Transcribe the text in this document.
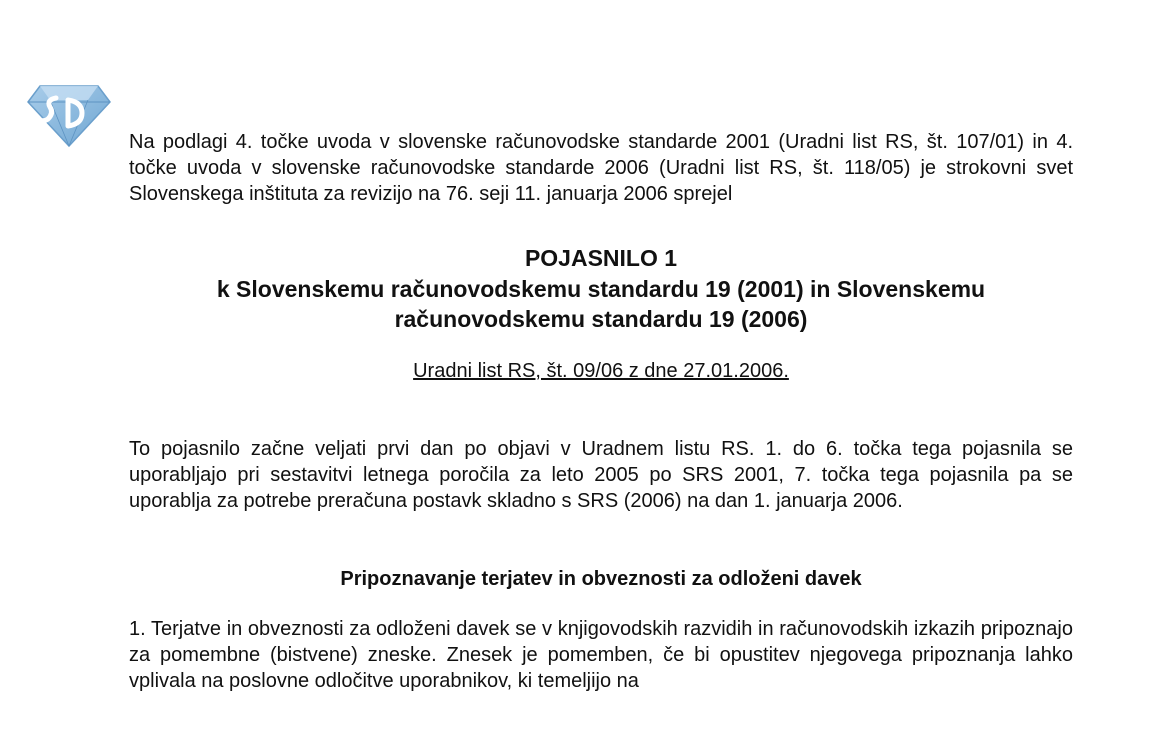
Na podlagi 4. točke uvoda v slovenske računovodske standarde 2001 (Uradni list RS, št. 107/01) in 4. točke uvoda v slovenske računovodske standarde 2006 (Uradni list RS, št. 118/05) je strokovni svet Slovenskega inštituta za revizijo na 76. seji 11. januarja 2006 sprejel

POJASNILO 1
k Slovenskemu računovodskemu standardu 19 (2001) in Slovenskemu
računovodskemu standardu 19 (2006)
Uradni list RS, št. 09/06 z dne 27.01.2006.

To pojasnilo začne veljati prvi dan po objavi v Uradnem listu RS. 1. do 6. točka tega pojasnila se uporabljajo pri sestavitvi letnega poročila za leto 2005 po SRS 2001, 7. točka tega pojasnila pa se uporablja za potrebe preračuna postavk skladno s SRS (2006) na dan 1. januarja 2006.

Pripoznavanje terjatev in obveznosti za odloženi davek

1. Terjatve in obveznosti za odloženi davek se v knjigovodskih razvidih in računovodskih izkazih pripoznajo za pomembne (bistvene) zneske. Znesek je pomemben, če bi opustitev njegovega pripoznanja lahko vplivala na poslovne odločitve uporabnikov, ki temeljijo na
